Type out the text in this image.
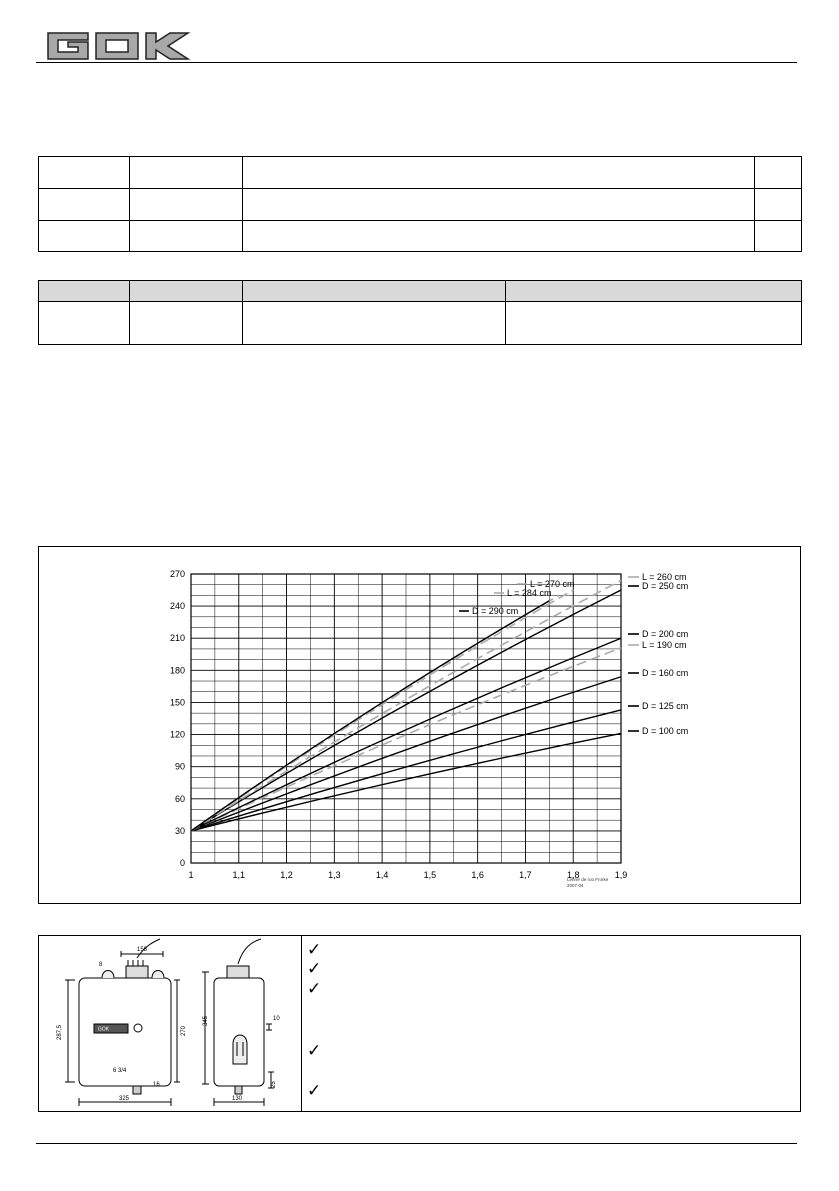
1	1,1	1,2	1,3	1,4	1,5	1,6	1,7	1,8	1,9
0
30
60
90
120
150
180
210
240
270	L = 260 cm
D = 250 cm
D = 200 cm
L = 190 cm
D = 160 cm
D = 125 cm
D = 100 cm
L = 270 cm
L = 284 cm
D = 290 cm
Lehrer de roo Frorke
2007-04
158
8
287,5	270
6 3/4
16
325
345	10
25
130
GOK
✓
✓
✓
✓
✓
